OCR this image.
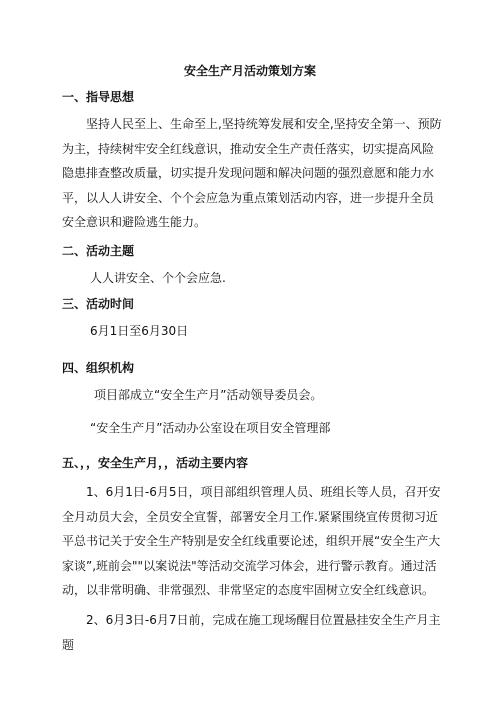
安全生产月活动策划方案
一、指导思想
坚持人民至上、生命至上,坚持统筹发展和安全,坚持安全第一、预防为主，持续树牢安全红线意识，推动安全生产责任落实，切实提高风险隐患排查整改质量，切实提升发现问题和解决问题的强烈意愿和能力水平，以人人讲安全、个个会应急为重点策划活动内容，进一步提升全员安全意识和避险逃生能力。
二、活动主题
人人讲安全、个个会应急.
三、活动时间
6月1日至6月30日
四、组织机构
项目部成立“安全生产月”活动领导委员会。
“安全生产月”活动办公室设在项目安全管理部
五、，，安全生产月，，活动主要内容
1、6月1日-6月5日，项目部组织管理人员、班组长等人员，召开安全月动员大会，全员安全宣誓，部署安全月工作.紧紧围绕宣传贯彻习近平总书记关于安全生产特别是安全红线重要论述，组织开展“安全生产大家谈”,班前会""以案说法"等活动交流学习体会，进行警示教育。通过活动，以非常明确、非常强烈、非常坚定的态度牢固树立安全红线意识。
2、6月3日-6月7日前，完成在施工现场醒目位置悬挂安全生产月主题
